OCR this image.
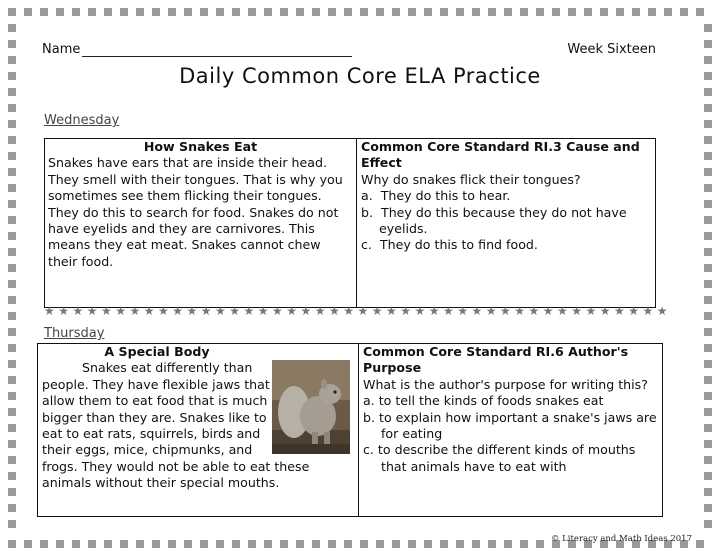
Name	Week Sixteen
Daily Common Core ELA Practice
Wednesday
How Snakes Eat
Snakes have ears that are inside their head. They smell with their tongues. That is why you sometimes see them flicking their tongues. They do this to search for food. Snakes do not have eyelids and they are carnivores. This means they eat meat. Snakes cannot chew their food.
Common Core Standard RI.3 Cause and Effect
Why do snakes flick their tongues?
a.  They do this to hear.
b.  They do this because they do not have eyelids.
c.  They do this to find food.
★ ★ ★ ★ ★ ★ ★ ★ ★ ★ ★ ★ ★ ★ ★ ★ ★ ★ ★ ★ ★ ★ ★ ★ ★ ★ ★ ★ ★ ★ ★ ★ ★ ★ ★ ★ ★ ★ ★ ★ ★ ★ ★ ★
Thursday
A Special Body
Snakes eat differently than people. They have flexible jaws that allow them to eat food that is much bigger than they are. Snakes like to eat to eat rats, squirrels, birds and their eggs, mice, chipmunks, and frogs. They would not be able to eat these animals without their special mouths.
Common Core Standard RI.6 Author's Purpose
What is the author's purpose for writing this?
a. to tell the kinds of foods snakes eat
b. to explain how important a snake's jaws are for eating
c. to describe the different kinds of mouths that animals have to eat with
© Literacy and Math Ideas 2017
